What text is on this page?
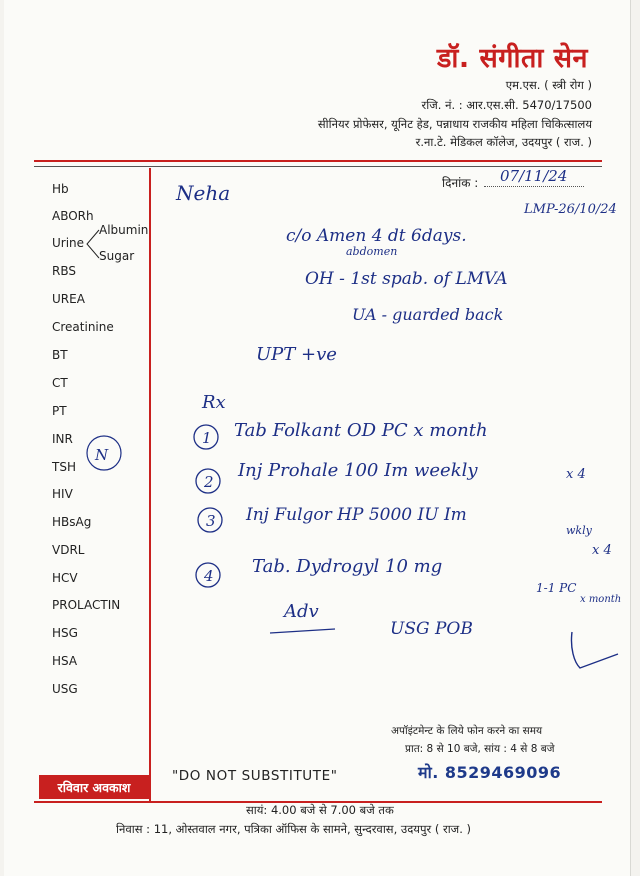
डॉ. संगीता सेन
एम.एस. ( स्त्री रोग )
रजि. नं. : आर.एस.सी. 5470/17500
सीनियर प्रोफेसर, यूनिट हेड, पन्नाधाय राजकीय महिला चिकित्सालय
र.ना.टे. मेडिकल कॉलेज, उदयपुर ( राज. )
दिनांक :
Hb
ABORh
Urine
Albumin
Sugar
RBS
UREA
Creatinine
BT
CT
PT
INR
TSH
HIV
HBsAg
VDRL
HCV
PROLACTIN
HSG
HSA
USG
07/11/24
Neha
LMP-26/10/24
c/o Amen 4 dt 6days.
abdomen
OH - 1st spab. of LMVA
UA - guarded back
UPT +ve
Rx
1 Tab Folkant OD PC x month
2
Inj Prohale 100 Im weekly	x 4
3 Inj Fulgor HP 5000 IU Im
wkly
x 4
4 Tab. Dydrogyl 10 mg
1-1 PC
x month
Adv
USG POB
N
अपॉइंटमेन्ट के लिये फोन करने का समय
प्रात: 8 से 10 बजे, सांय : 4 से 8 बजे
मो. 8529469096
रविवार अवकाश
"DO NOT SUBSTITUTE"
सायं: 4.00 बजे से 7.00 बजे तक
निवास : 11, ओस्तवाल नगर, पत्रिका ऑफिस के सामने, सुन्दरवास, उदयपुर ( राज. )
